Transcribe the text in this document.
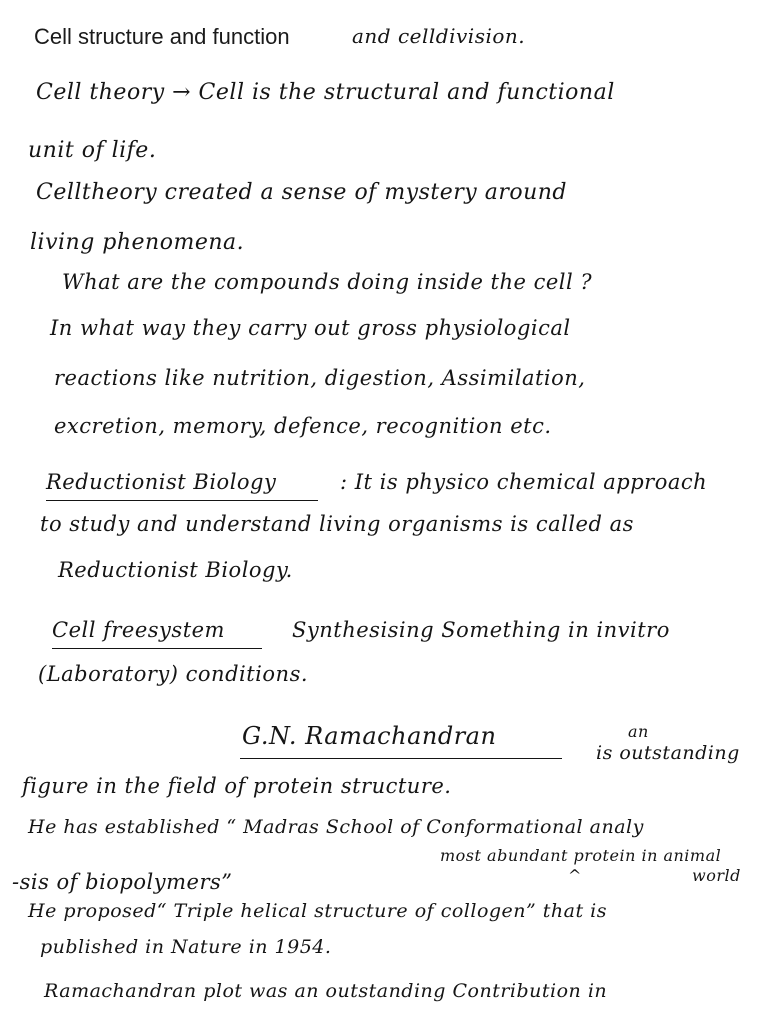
Cell structure and function	and celldivision.
Cell theory → Cell is the structural and functional
unit of life.
Celltheory created a sense of mystery around
living phenomena.
What are the compounds doing inside the cell ?
In what way they carry out gross physiological
reactions like nutrition, digestion, Assimilation,
excretion, memory, defence, recognition etc.
Reductionist Biology	: It is physico chemical approach
to study and understand living organisms is called as
Reductionist Biology.
Cell freesystem	Synthesising Something in invitro
(Laboratory) conditions.
G.N. Ramachandran	an
is outstanding
figure in the field of protein structure.
He has established “ Madras School of Conformational analy
most abundant protein in animal
^	world
-sis of biopolymers”
He proposed“ Triple helical structure of collogen” that is
published in Nature in 1954.
Ramachandran plot was an outstanding Contribution in
